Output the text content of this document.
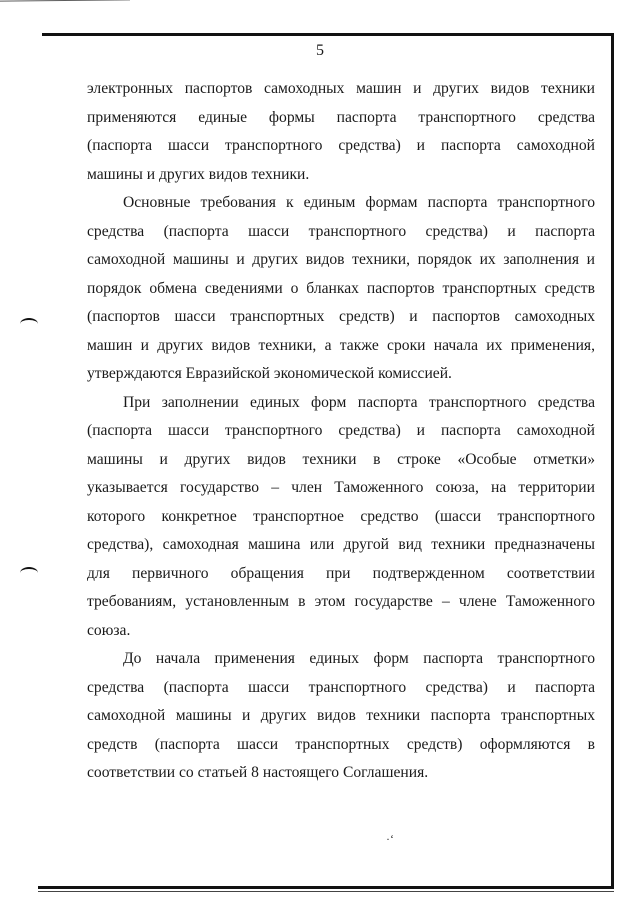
·‘
5
электронных паспортов самоходных машин и других видов техники
применяются единые формы паспорта транспортного средства
(паспорта шасси транспортного средства) и паспорта самоходной
машины и других видов техники.
Основные требования к единым формам паспорта транспортного
средства (паспорта шасси транспортного средства) и паспорта
самоходной машины и других видов техники, порядок их заполнения и
порядок обмена сведениями о бланках паспортов транспортных средств
(паспортов шасси транспортных средств) и паспортов самоходных
машин и других видов техники, а также сроки начала их применения,
утверждаются Евразийской экономической комиссией.
При заполнении единых форм паспорта транспортного средства
(паспорта шасси транспортного средства) и паспорта самоходной
машины и других видов техники в строке «Особые отметки»
указывается государство – член Таможенного союза, на территории
которого конкретное транспортное средство (шасси транспортного
средства), самоходная машина или другой вид техники предназначены
для первичного обращения при подтвержденном соответствии
требованиям, установленным в этом государстве – члене Таможенного
союза.
До начала применения единых форм паспорта транспортного
средства (паспорта шасси транспортного средства) и паспорта
самоходной машины и других видов техники паспорта транспортных
средств (паспорта шасси транспортных средств) оформляются в
соответствии со статьей 8 настоящего Соглашения.
